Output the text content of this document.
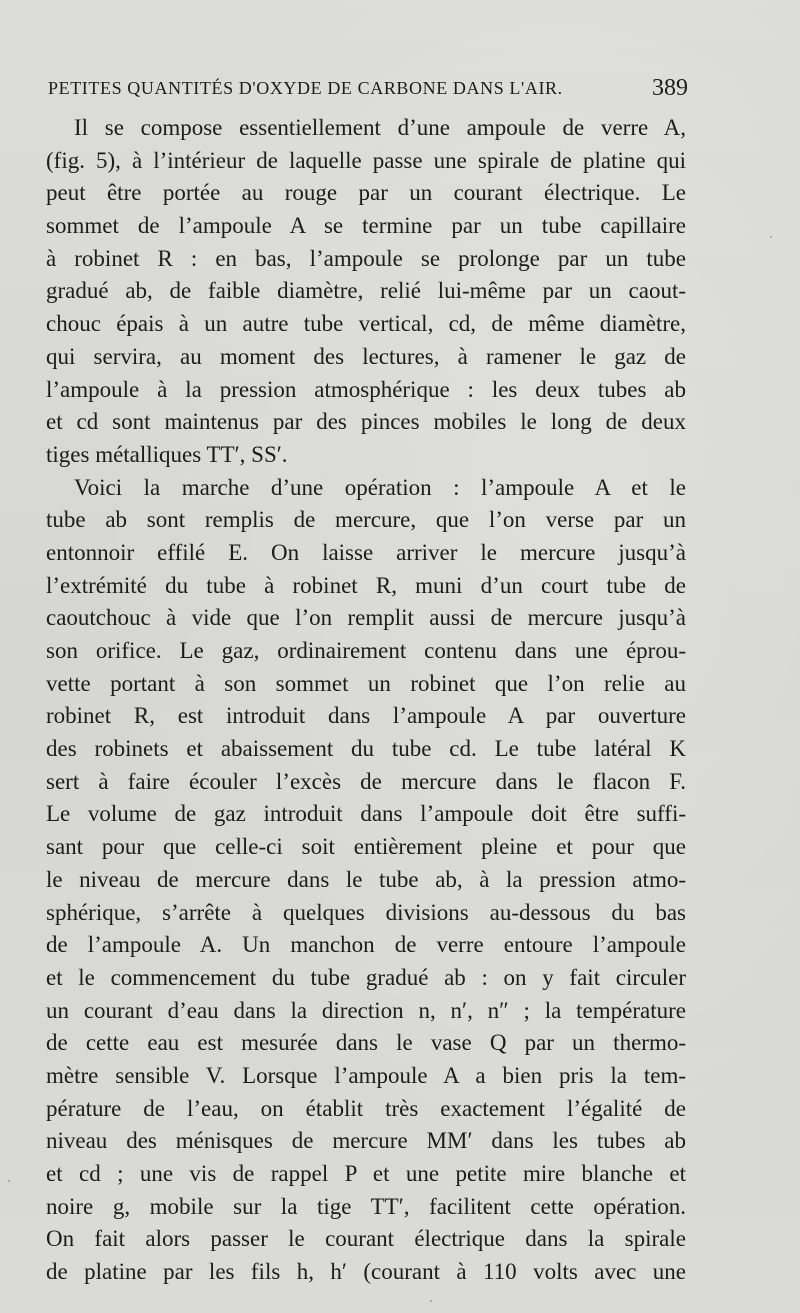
PETITES QUANTITÉS D'OXYDE DE CARBONE DANS L'AIR.	389
Il se compose essentiellement d’une ampoule de verre A,
(fig. 5), à l’intérieur de laquelle passe une spirale de platine qui
peut être portée au rouge par un courant électrique. Le
sommet de l’ampoule A se termine par un tube capillaire
à robinet R : en bas, l’ampoule se prolonge par un tube
gradué ab, de faible diamètre, relié lui-même par un caout-
chouc épais à un autre tube vertical, cd, de même diamètre,
qui servira, au moment des lectures, à ramener le gaz de
l’ampoule à la pression atmosphérique : les deux tubes ab
et cd sont maintenus par des pinces mobiles le long de deux
tiges métalliques TT′, SS′.
Voici la marche d’une opération : l’ampoule A et le
tube ab sont remplis de mercure, que l’on verse par un
entonnoir effilé E. On laisse arriver le mercure jusqu’à
l’extrémité du tube à robinet R, muni d’un court tube de
caoutchouc à vide que l’on remplit aussi de mercure jusqu’à
son orifice. Le gaz, ordinairement contenu dans une éprou-
vette portant à son sommet un robinet que l’on relie au
robinet R, est introduit dans l’ampoule A par ouverture
des robinets et abaissement du tube cd. Le tube latéral K
sert à faire écouler l’excès de mercure dans le flacon F.
Le volume de gaz introduit dans l’ampoule doit être suffi-
sant pour que celle-ci soit entièrement pleine et pour que
le niveau de mercure dans le tube ab, à la pression atmo-
sphérique, s’arrête à quelques divisions au-dessous du bas
de l’ampoule A. Un manchon de verre entoure l’ampoule
et le commencement du tube gradué ab : on y fait circuler
un courant d’eau dans la direction n, n′, n″ ; la température
de cette eau est mesurée dans le vase Q par un thermo-
mètre sensible V. Lorsque l’ampoule A a bien pris la tem-
pérature de l’eau, on établit très exactement l’égalité de
niveau des ménisques de mercure MM′ dans les tubes ab
et cd ; une vis de rappel P et une petite mire blanche et
noire g, mobile sur la tige TT′, facilitent cette opération.
On fait alors passer le courant électrique dans la spirale
de platine par les fils h, h′ (courant à 110 volts avec une
